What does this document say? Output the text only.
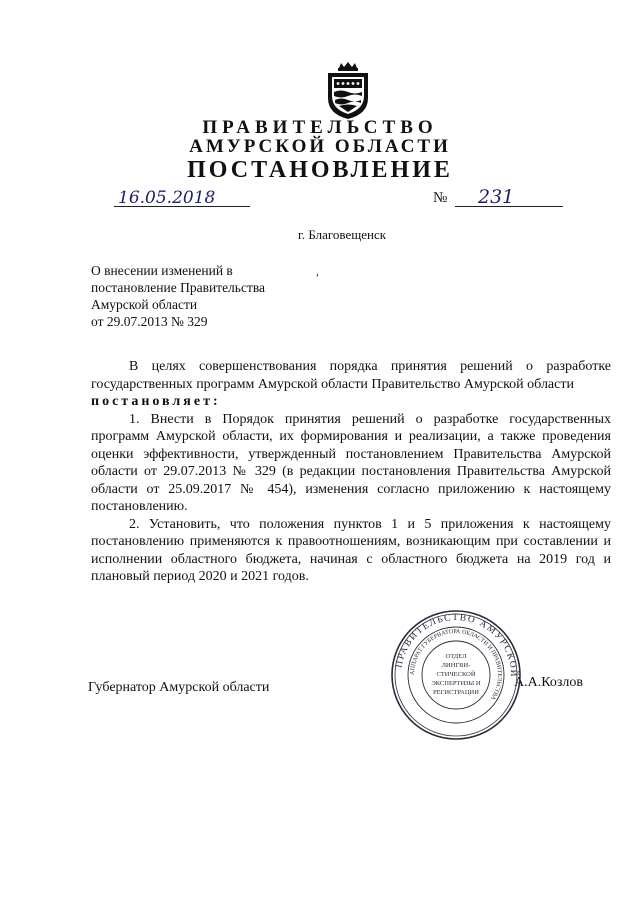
ПРАВИТЕЛЬСТВО
АМУРСКОЙ ОБЛАСТИ
ПОСТАНОВЛЕНИЕ
16.05.2018	№ 231
г. Благовещенск
О внесении изменений в
постановление Правительства
Амурской области
от 29.07.2013 № 329
,

В целях совершенствования порядка принятия решений о разработке государственных программ Амурской области Правительство Амурской области

постановляет:

1. Внести в Порядок принятия решений о разработке государственных программ Амурской области, их формирования и реализации, а также проведения оценки эффективности, утвержденный постановлением Правительства Амурской области от 29.07.2013 № 329 (в редакции постановления Правительства Амурской области от 25.09.2017 № 454), изменения согласно приложению к настоящему постановлению.

2. Установить, что положения пунктов 1 и 5 приложения к настоящему постановлению применяются к правоотношениям, возникающим при составлении и исполнении областного бюджета, начиная с областного бюджета на 2019 год и плановый период 2020 и 2021 годов.

Губернатор Амурской области	А.А.Козлов
ПРАВИТЕЛЬСТВО АМУРСКОЙ
АППАРАТ ГУБЕРНАТОРА ОБЛАСТИ И ПРАВИТЕЛЬСТВА
ОТДЕЛ
ЛИНГВИ-
СТИЧЕСКОЙ
ЭКСПЕРТИЗЫ И
РЕГИСТРАЦИИ
